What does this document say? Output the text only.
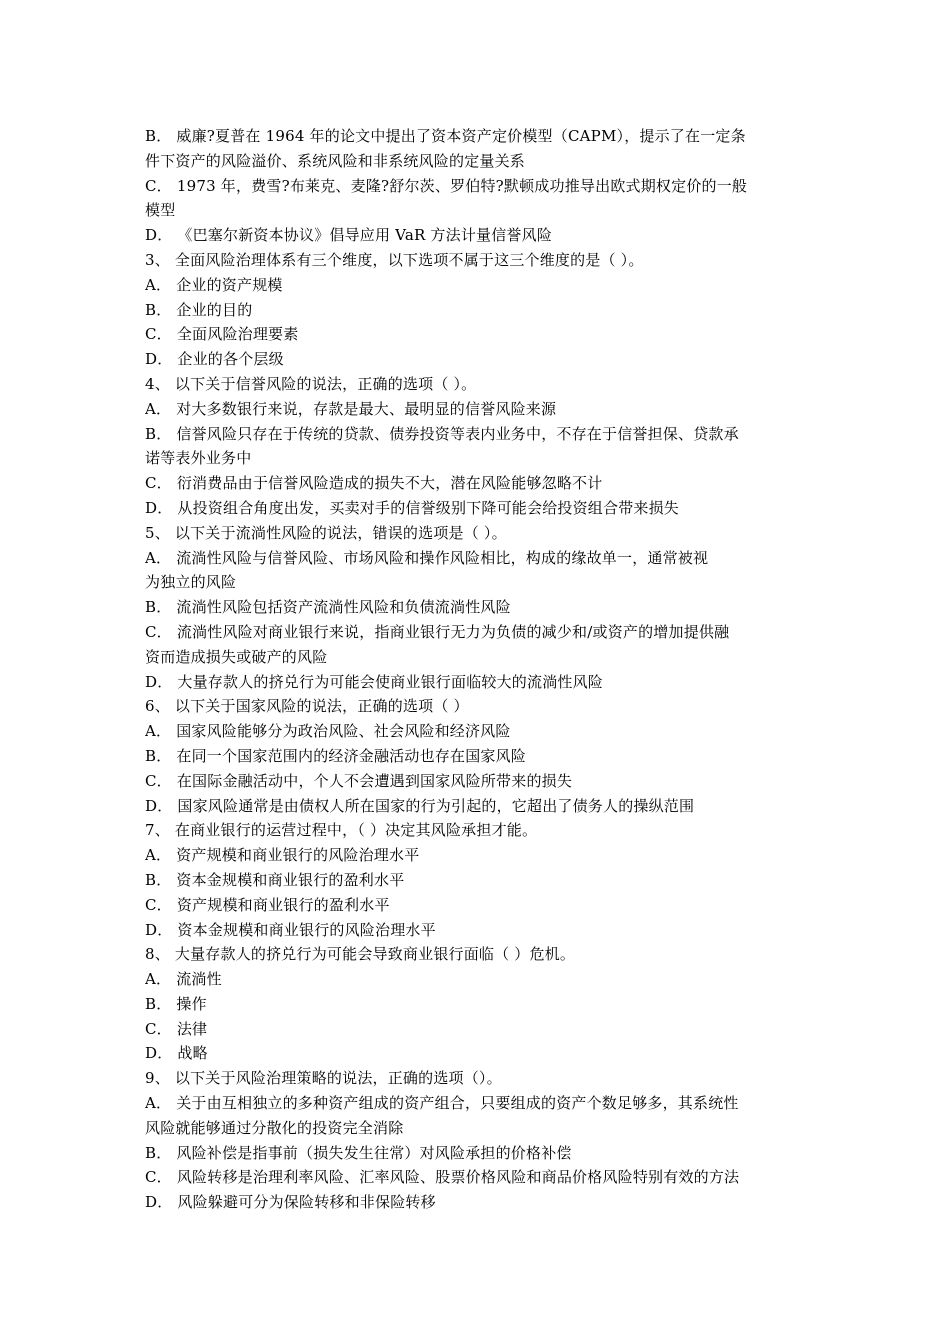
B． 威廉?夏普在 1964 年的论文中提出了资本资产定价模型（CAPM），提示了在一定条
件下资产的风险溢价、系统风险和非系统风险的定量关系
C． 1973 年，费雪?布莱克、麦隆?舒尔茨、罗伯特?默顿成功推导出欧式期权定价的一般
模型
D． 《巴塞尔新资本协议》倡导应用 VaR 方法计量信誉风险
3、 全面风险治理体系有三个维度，以下选项不属于这三个维度的是（ ）。
A． 企业的资产规模
B． 企业的目的
C． 全面风险治理要素
D． 企业的各个层级
4、 以下关于信誉风险的说法，正确的选项（ ）。
A． 对大多数银行来说，存款是最大、最明显的信誉风险来源
B． 信誉风险只存在于传统的贷款、债券投资等表内业务中，不存在于信誉担保、贷款承
诺等表外业务中
C． 衍消费品由于信誉风险造成的损失不大，潜在风险能够忽略不计
D． 从投资组合角度出发，买卖对手的信誉级别下降可能会给投资组合带来损失
5、 以下关于流淌性风险的说法，错误的选项是（ ）。
A． 流淌性风险与信誉风险、市场风险和操作风险相比，构成的缘故单一，通常被视
为独立的风险
B． 流淌性风险包括资产流淌性风险和负债流淌性风险
C． 流淌性风险对商业银行来说，指商业银行无力为负债的减少和/或资产的增加提供融
资而造成损失或破产的风险
D． 大量存款人的挤兑行为可能会使商业银行面临较大的流淌性风险
6、 以下关于国家风险的说法，正确的选项（ ）
A． 国家风险能够分为政治风险、社会风险和经济风险
B． 在同一个国家范围内的经济金融活动也存在国家风险
C． 在国际金融活动中，个人不会遭遇到国家风险所带来的损失
D． 国家风险通常是由债权人所在国家的行为引起的，它超出了债务人的操纵范围
7、 在商业银行的运营过程中，（ ）决定其风险承担才能。
A． 资产规模和商业银行的风险治理水平
B． 资本金规模和商业银行的盈利水平
C． 资产规模和商业银行的盈利水平
D． 资本金规模和商业银行的风险治理水平
8、 大量存款人的挤兑行为可能会导致商业银行面临（ ）危机。
A． 流淌性
B． 操作
C． 法律
D． 战略
9、 以下关于风险治理策略的说法，正确的选项（）。
A． 关于由互相独立的多种资产组成的资产组合，只要组成的资产个数足够多，其系统性
风险就能够通过分散化的投资完全消除
B． 风险补偿是指事前（损失发生往常）对风险承担的价格补偿
C． 风险转移是治理利率风险、汇率风险、股票价格风险和商品价格风险特别有效的方法
D． 风险躲避可分为保险转移和非保险转移
